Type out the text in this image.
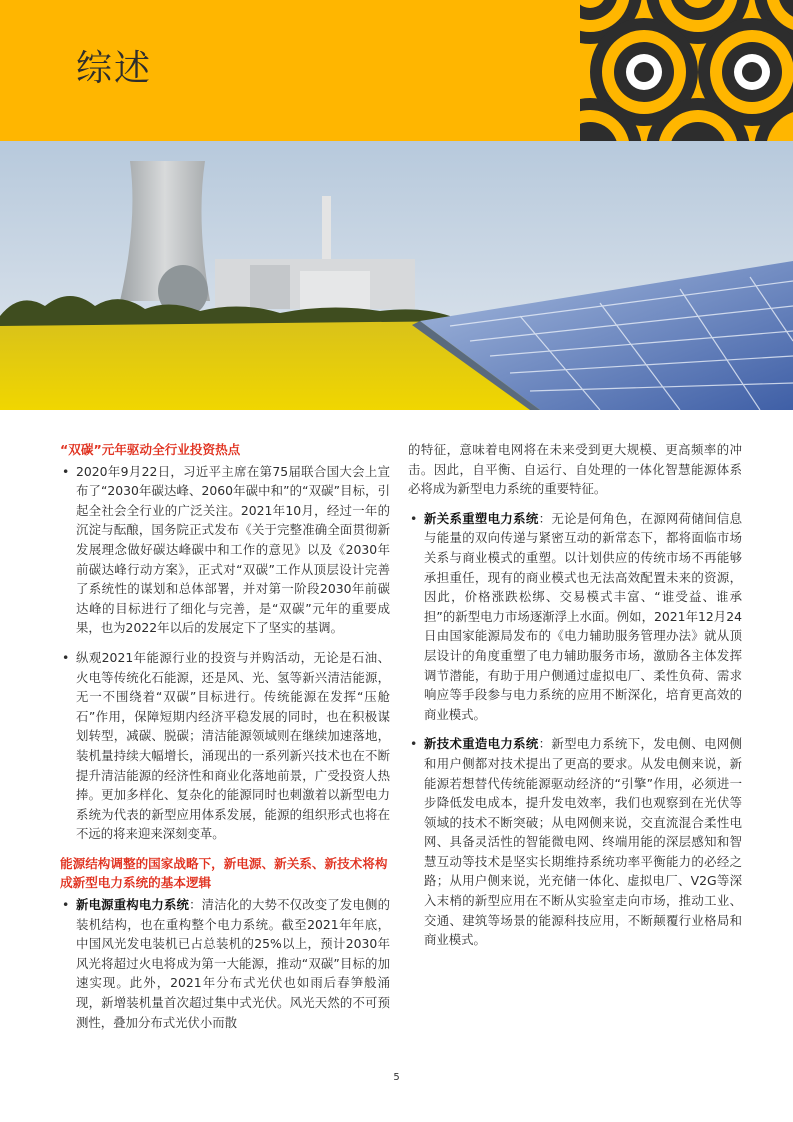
综述
“双碳”元年驱动全行业投资热点
• 2020年9月22日，习近平主席在第75届联合国大会上宣布了“2030年碳达峰、2060年碳中和”的“双碳”目标，引起全社会全行业的广泛关注。2021年10月，经过一年的沉淀与酝酿，国务院正式发布《关于完整准确全面贯彻新发展理念做好碳达峰碳中和工作的意见》以及《2030年前碳达峰行动方案》，正式对“双碳”工作从顶层设计完善了系统性的谋划和总体部署，并对第一阶段2030年前碳达峰的目标进行了细化与完善，是“双碳”元年的重要成果，也为2022年以后的发展定下了坚实的基调。
• 纵观2021年能源行业的投资与并购活动，无论是石油、火电等传统化石能源，还是风、光、氢等新兴清洁能源，无一不围绕着“双碳”目标进行。传统能源在发挥“压舱石”作用，保障短期内经济平稳发展的同时，也在积极谋划转型，减碳、脱碳；清洁能源领域则在继续加速落地，装机量持续大幅增长，涌现出的一系列新兴技术也在不断提升清洁能源的经济性和商业化落地前景，广受投资人热捧。更加多样化、复杂化的能源同时也刺激着以新型电力系统为代表的新型应用体系发展，能源的组织形式也将在不远的将来迎来深刻变革。
能源结构调整的国家战略下，新电源、新关系、新技术将构成新型电力系统的基本逻辑
• 新电源重构电力系统：清洁化的大势不仅改变了发电侧的装机结构，也在重构整个电力系统。截至2021年年底，中国风光发电装机已占总装机的25%以上，预计2030年风光将超过火电将成为第一大能源，推动“双碳”目标的加速实现。此外，2021年分布式光伏也如雨后春笋般涌现，新增装机量首次超过集中式光伏。风光天然的不可预测性，叠加分布式光伏小而散
的特征，意味着电网将在未来受到更大规模、更高频率的冲击。因此，自平衡、自运行、自处理的一体化智慧能源体系必将成为新型电力系统的重要特征。
• 新关系重塑电力系统：无论是何角色，在源网荷储间信息与能量的双向传递与紧密互动的新常态下，都将面临市场关系与商业模式的重塑。以计划供应的传统市场不再能够承担重任，现有的商业模式也无法高效配置未来的资源，因此，价格涨跌松绑、交易模式丰富、“谁受益、谁承担”的新型电力市场逐渐浮上水面。例如，2021年12月24日由国家能源局发布的《电力辅助服务管理办法》就从顶层设计的角度重塑了电力辅助服务市场，激励各主体发挥调节潜能，有助于用户侧通过虚拟电厂、柔性负荷、需求响应等手段参与电力系统的应用不断深化，培育更高效的商业模式。
• 新技术重造电力系统：新型电力系统下，发电侧、电网侧和用户侧都对技术提出了更高的要求。从发电侧来说，新能源若想替代传统能源驱动经济的“引擎”作用，必须进一步降低发电成本，提升发电效率，我们也观察到在光伏等领域的技术不断突破；从电网侧来说，交直流混合柔性电网、具备灵活性的智能微电网、终端用能的深层感知和智慧互动等技术是坚实长期维持系统功率平衡能力的必经之路；从用户侧来说，光充储一体化、虚拟电厂、V2G等深入末梢的新型应用在不断从实验室走向市场，推动工业、交通、建筑等场景的能源科技应用，不断颠覆行业格局和商业模式。
5
